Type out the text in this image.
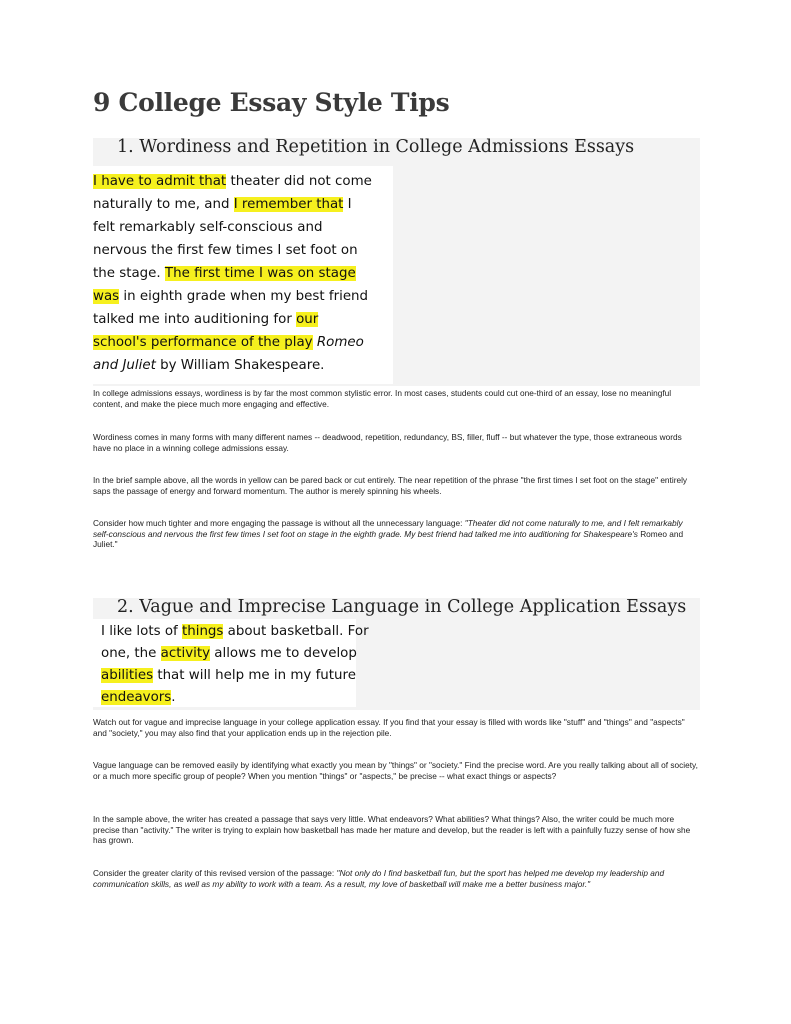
9 College Essay Style Tips
1. Wordiness and Repetition in College Admissions Essays
I have to admit that theater did not come
naturally to me, and I remember that I
felt remarkably self-conscious and
nervous the first few times I set foot on
the stage. The first time I was on stage
was in eighth grade when my best friend
talked me into auditioning for our
school's performance of the play Romeo
and Juliet by William Shakespeare.

In college admissions essays, wordiness is by far the most common stylistic error. In most cases, students could cut one-third of an essay, lose no meaningful content, and make the piece much more engaging and effective.

Wordiness comes in many forms with many different names -- deadwood, repetition, redundancy, BS, filler, fluff -- but whatever the type, those extraneous words have no place in a winning college admissions essay.

In the brief sample above, all the words in yellow can be pared back or cut entirely. The near repetition of the phrase "the first times I set foot on the stage" entirely saps the passage of energy and forward momentum. The author is merely spinning his wheels.

Consider how much tighter and more engaging the passage is without all the unnecessary language: "Theater did not come naturally to me, and I felt remarkably self-conscious and nervous the first few times I set foot on stage in the eighth grade. My best friend had talked me into auditioning for Shakespeare's Romeo and Juliet."

2. Vague and Imprecise Language in College Application Essays
I like lots of things about basketball. For
one, the activity allows me to develop
abilities that will help me in my future
endeavors.

Watch out for vague and imprecise language in your college application essay. If you find that your essay is filled with words like "stuff" and "things" and "aspects" and "society," you may also find that your application ends up in the rejection pile.

Vague language can be removed easily by identifying what exactly you mean by "things" or "society." Find the precise word. Are you really talking about all of society, or a much more specific group of people? When you mention "things" or "aspects," be precise -- what exact things or aspects?

In the sample above, the writer has created a passage that says very little. What endeavors? What abilities? What things? Also, the writer could be much more precise than "activity." The writer is trying to explain how basketball has made her mature and develop, but the reader is left with a painfully fuzzy sense of how she has grown.

Consider the greater clarity of this revised version of the passage: "Not only do I find basketball fun, but the sport has helped me develop my leadership and communication skills, as well as my ability to work with a team. As a result, my love of basketball will make me a better business major."
